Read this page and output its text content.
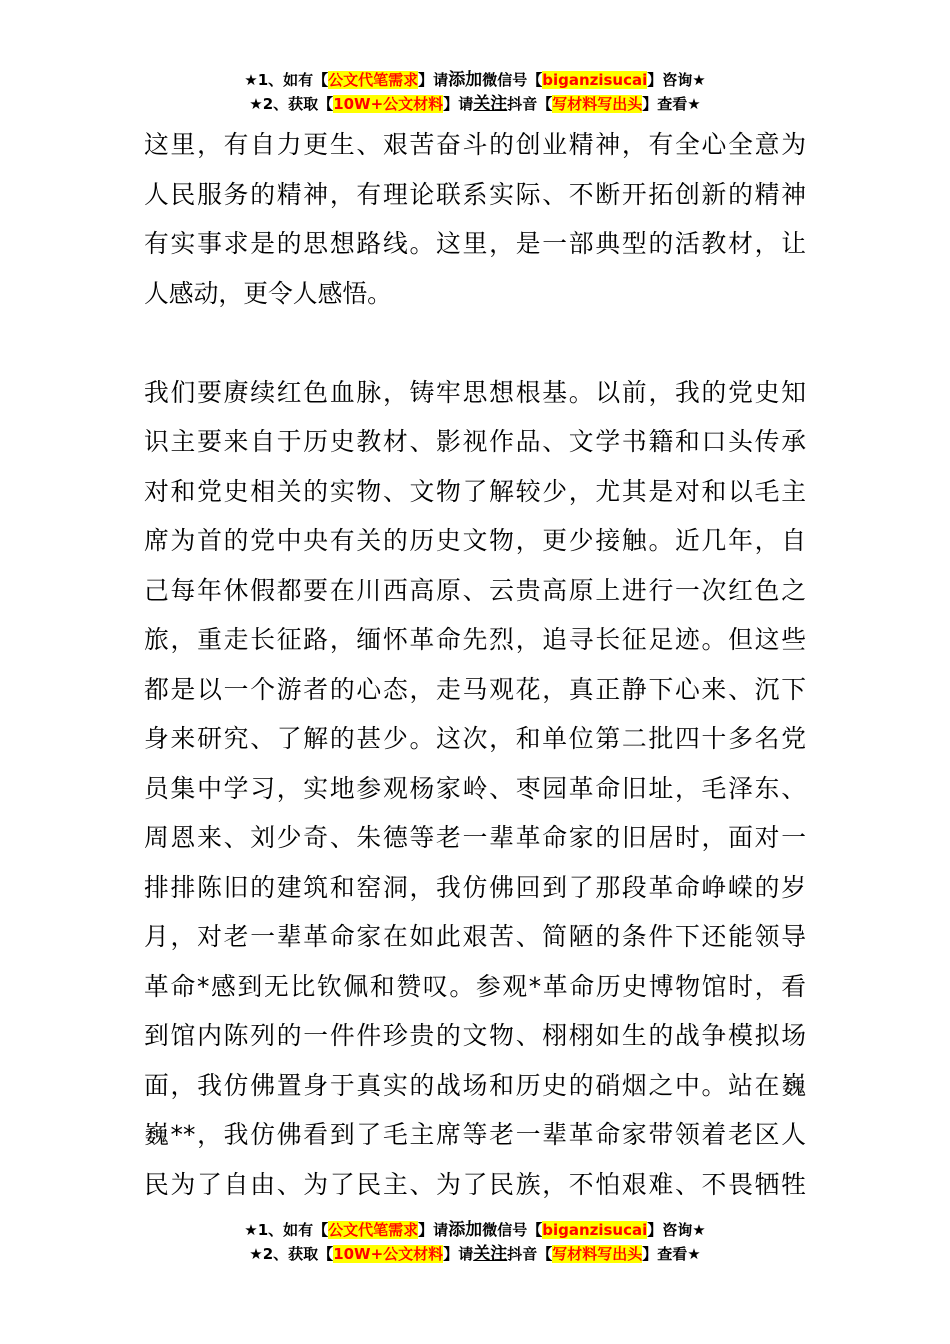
★1、如有【公文代笔需求】请添加微信号【biganzisucai】咨询★
★2、获取【10W+公文材料】请关注抖音【写材料写出头】查看★

这里，有自力更生、艰苦奋斗的创业精神，有全心全意为
人民服务的精神，有理论联系实际、不断开拓创新的精神
有实事求是的思想路线。这里，是一部典型的活教材，让
人感动，更令人感悟。

我们要赓续红色血脉，铸牢思想根基。以前，我的党史知
识主要来自于历史教材、影视作品、文学书籍和口头传承
对和党史相关的实物、文物了解较少，尤其是对和以毛主
席为首的党中央有关的历史文物，更少接触。近几年，自
己每年休假都要在川西高原、云贵高原上进行一次红色之
旅，重走长征路，缅怀革命先烈，追寻长征足迹。但这些
都是以一个游者的心态，走马观花，真正静下心来、沉下
身来研究、了解的甚少。这次，和单位第二批四十多名党
员集中学习，实地参观杨家岭、枣园革命旧址，毛泽东、
周恩来、刘少奇、朱德等老一辈革命家的旧居时，面对一
排排陈旧的建筑和窑洞，我仿佛回到了那段革命峥嵘的岁
月，对老一辈革命家在如此艰苦、简陋的条件下还能领导
革命*感到无比钦佩和赞叹。参观*革命历史博物馆时，看
到馆内陈列的一件件珍贵的文物、栩栩如生的战争模拟场
面，我仿佛置身于真实的战场和历史的硝烟之中。站在巍
巍**，我仿佛看到了毛主席等老一辈革命家带领着老区人
民为了自由、为了民主、为了民族，不怕艰难、不畏牺牲

★1、如有【公文代笔需求】请添加微信号【biganzisucai】咨询★
★2、获取【10W+公文材料】请关注抖音【写材料写出头】查看★
